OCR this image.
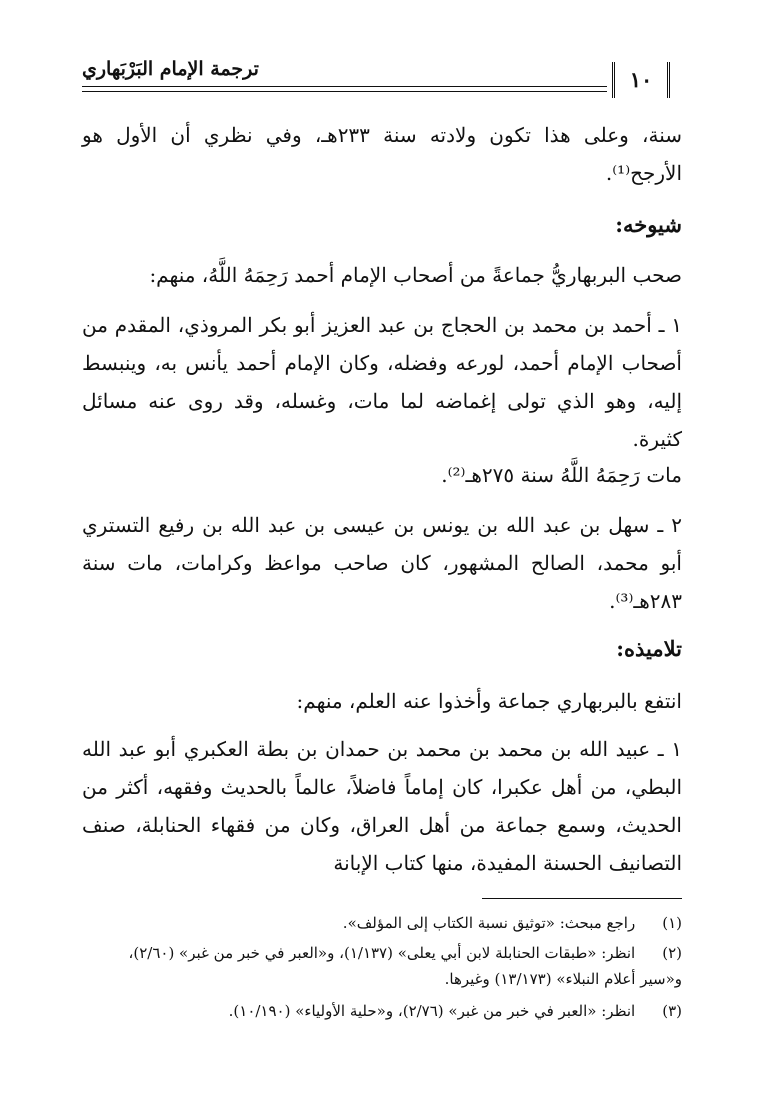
ترجمة الإمام البَرْبَهاري	١٠
سنة، وعلى هذا تكون ولادته سنة ٢٣٣هـ، وفي نظري أن الأول هو الأرجح⁽¹⁾.
شيوخه:
صحب البربهاريُّ جماعةً من أصحاب الإمام أحمد رَحِمَهُ اللَّهُ، منهم:
١ ـ أحمد بن محمد بن الحجاج بن عبد العزيز أبو بكر المروذي، المقدم من أصحاب الإمام أحمد، لورعه وفضله، وكان الإمام أحمد يأنس به، وينبسط إليه، وهو الذي تولى إغماضه لما مات، وغسله، وقد روى عنه مسائل كثيرة.
مات رَحِمَهُ اللَّهُ سنة ٢٧٥هـ⁽²⁾.
٢ ـ سهل بن عبد الله بن يونس بن عيسى بن عبد الله بن رفيع التستري أبو محمد، الصالح المشهور، كان صاحب مواعظ وكرامات، مات سنة ٢٨٣هـ⁽³⁾.
تلاميذه:
انتفع بالبربهاري جماعة وأخذوا عنه العلم، منهم:
١ ـ عبيد الله بن محمد بن محمد بن حمدان بن بطة العكبري أبو عبد الله البطي، من أهل عكبرا، كان إماماً فاضلاً، عالماً بالحديث وفقهه، أكثر من الحديث، وسمع جماعة من أهل العراق، وكان من فقهاء الحنابلة، صنف التصانيف الحسنة المفيدة، منها كتاب الإبانة
(١) راجع مبحث: «توثيق نسبة الكتاب إلى المؤلف».
(٢) انظر: «طبقات الحنابلة لابن أبي يعلى» (١/١٣٧)، و«العبر في خبر من غبر» (٢/٦٠)، و«سير أعلام النبلاء» (١٣/١٧٣) وغيرها.
(٣) انظر: «العبر في خبر من غبر» (٢/٧٦)، و«حلية الأولياء» (١٠/١٩٠).
